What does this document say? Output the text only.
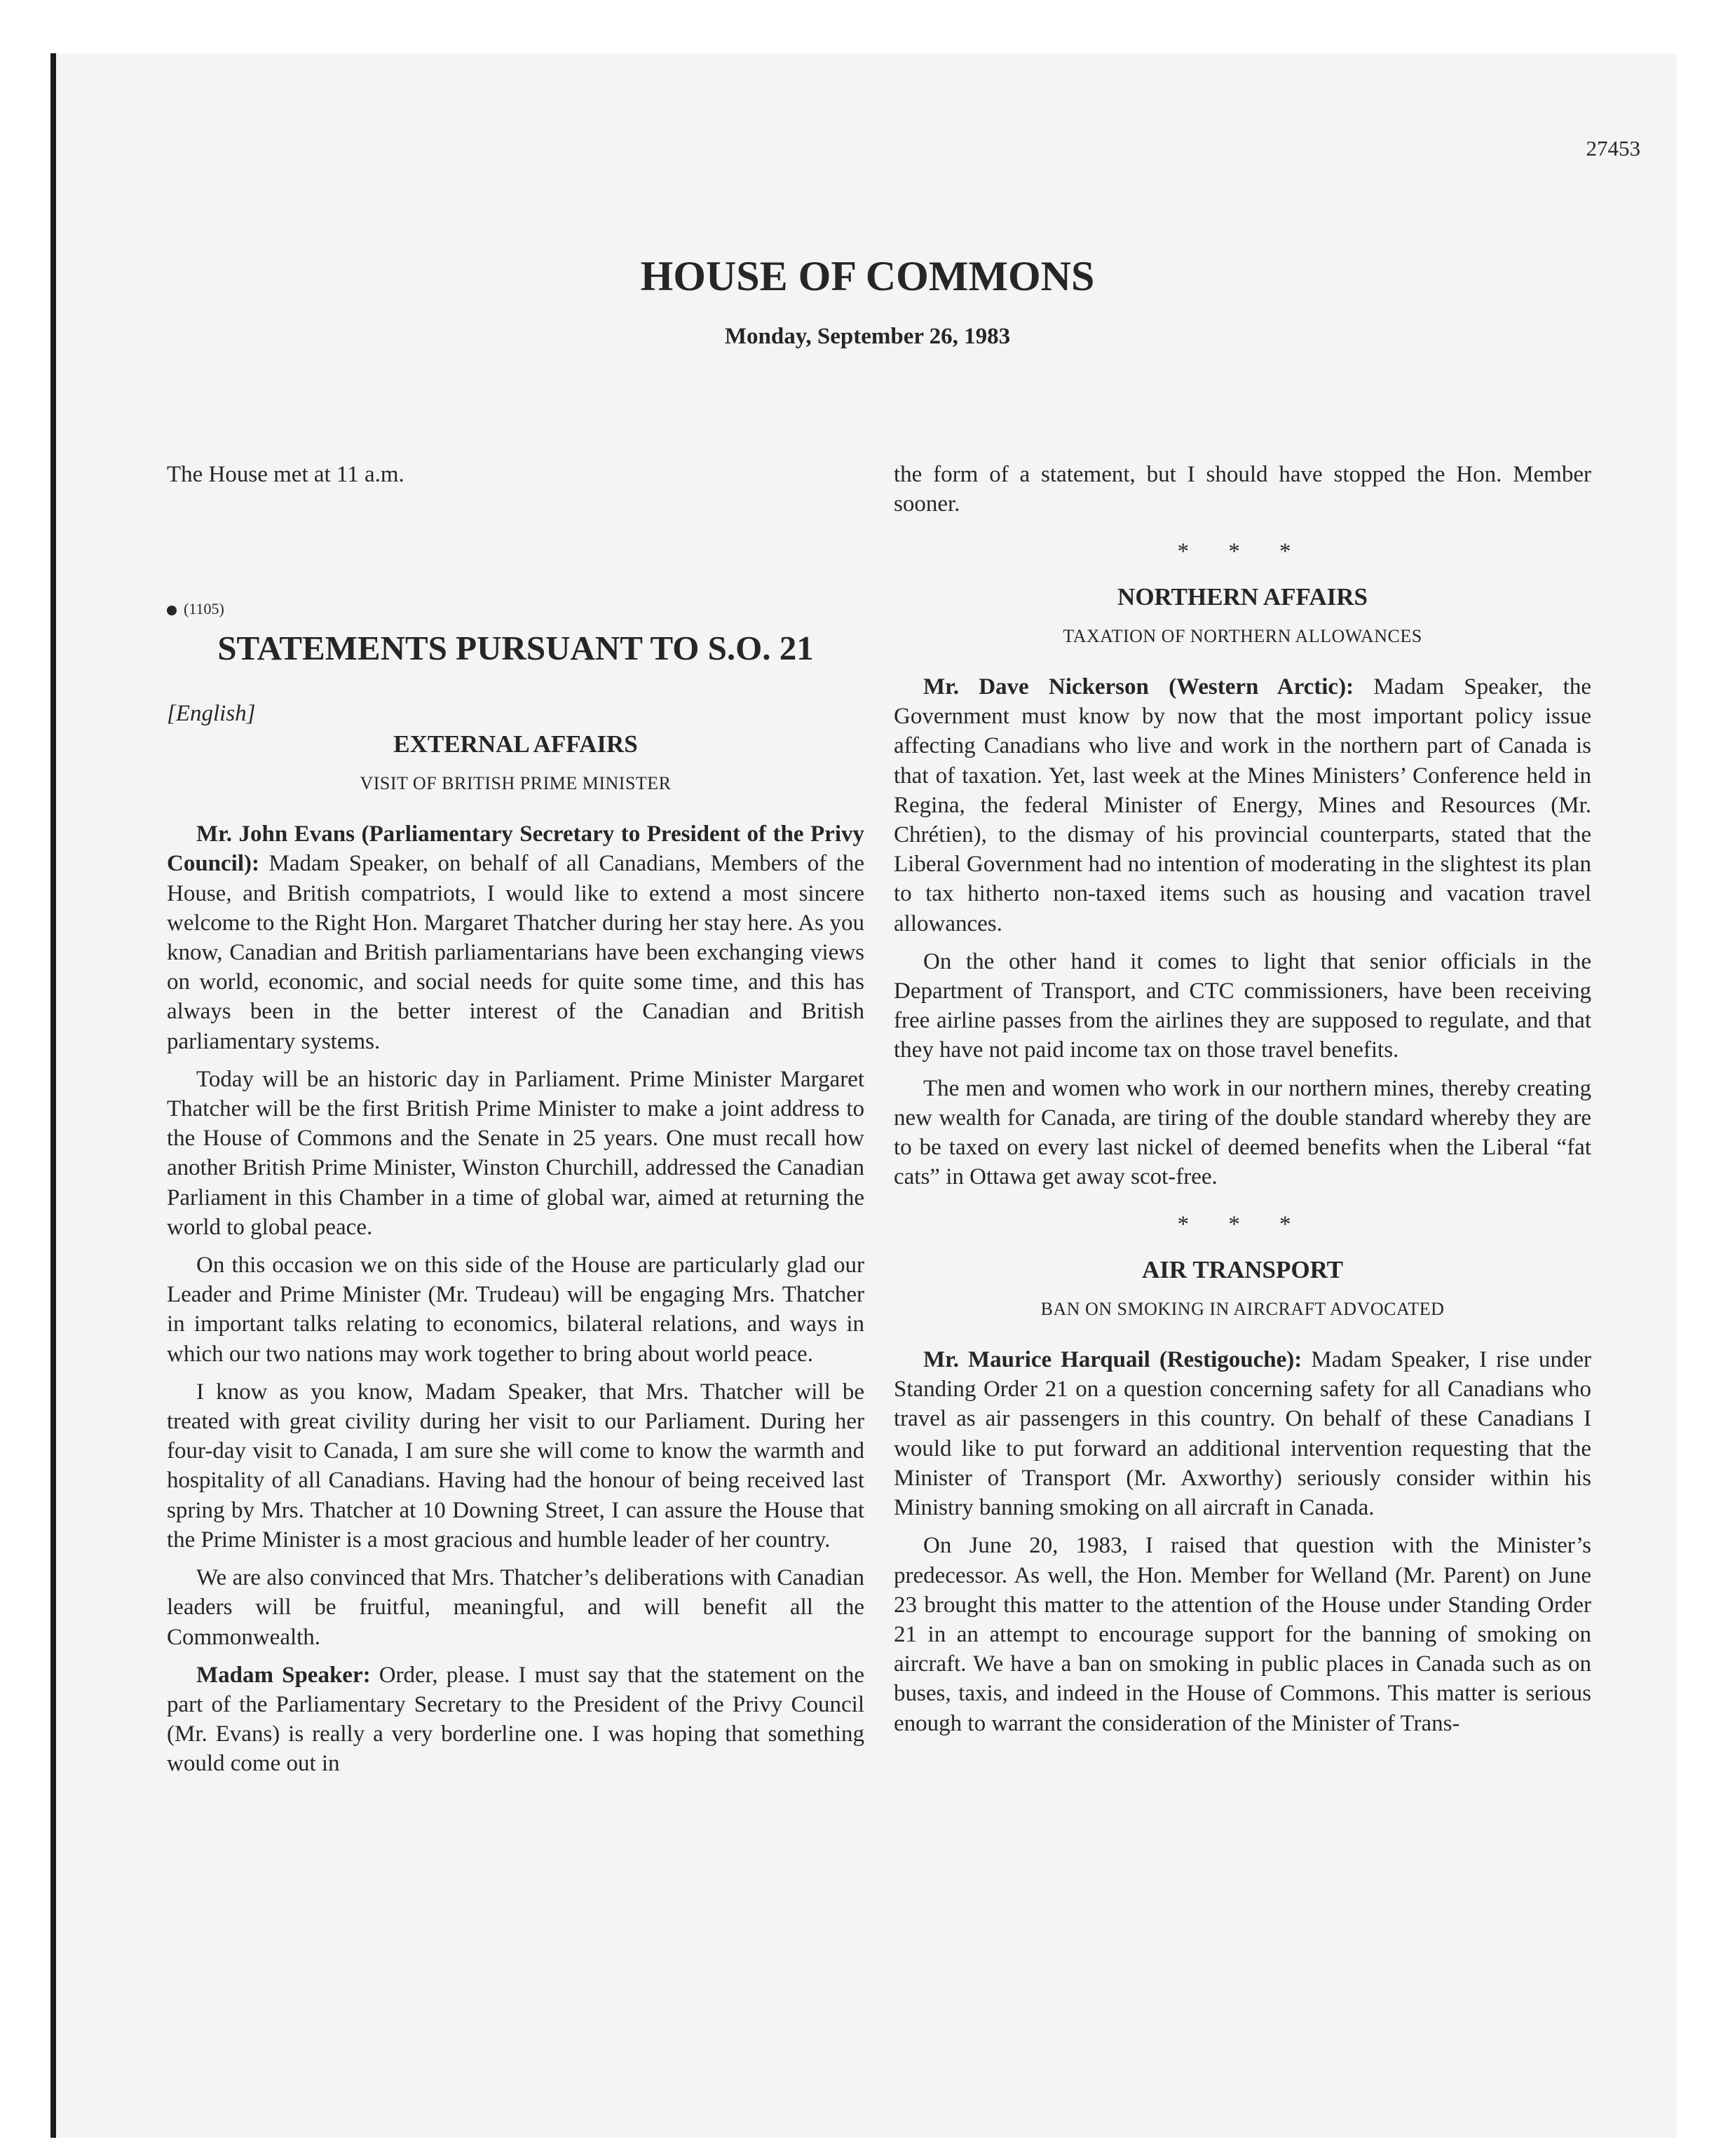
27453
HOUSE OF COMMONS
Monday, September 26, 1983

The House met at 11 a.m.

(1105)
STATEMENTS PURSUANT TO S.O. 21
[English]
EXTERNAL AFFAIRS
VISIT OF BRITISH PRIME MINISTER

Mr. John Evans (Parliamentary Secretary to President of the Privy Council): Madam Speaker, on behalf of all Canadians, Members of the House, and British compatriots, I would like to extend a most sincere welcome to the Right Hon. Margaret Thatcher during her stay here. As you know, Canadian and British parliamentarians have been exchanging views on world, economic, and social needs for quite some time, and this has always been in the better interest of the Canadian and British parliamentary systems.

Today will be an historic day in Parliament. Prime Minister Margaret Thatcher will be the first British Prime Minister to make a joint address to the House of Commons and the Senate in 25 years. One must recall how another British Prime Minister, Winston Churchill, addressed the Canadian Parliament in this Chamber in a time of global war, aimed at returning the world to global peace.

On this occasion we on this side of the House are particularly glad our Leader and Prime Minister (Mr. Trudeau) will be engaging Mrs. Thatcher in important talks relating to economics, bilateral relations, and ways in which our two nations may work together to bring about world peace.

I know as you know, Madam Speaker, that Mrs. Thatcher will be treated with great civility during her visit to our Parliament. During her four-day visit to Canada, I am sure she will come to know the warmth and hospitality of all Canadians. Having had the honour of being received last spring by Mrs. Thatcher at 10 Downing Street, I can assure the House that the Prime Minister is a most gracious and humble leader of her country.

We are also convinced that Mrs. Thatcher’s deliberations with Canadian leaders will be fruitful, meaningful, and will benefit all the Commonwealth.

Madam Speaker: Order, please. I must say that the statement on the part of the Parliamentary Secretary to the President of the Privy Council (Mr. Evans) is really a very borderline one. I was hoping that something would come out in

the form of a statement, but I should have stopped the Hon. Member sooner.

* * *
NORTHERN AFFAIRS
TAXATION OF NORTHERN ALLOWANCES

Mr. Dave Nickerson (Western Arctic): Madam Speaker, the Government must know by now that the most important policy issue affecting Canadians who live and work in the northern part of Canada is that of taxation. Yet, last week at the Mines Ministers’ Conference held in Regina, the federal Minister of Energy, Mines and Resources (Mr. Chrétien), to the dismay of his provincial counterparts, stated that the Liberal Government had no intention of moderating in the slightest its plan to tax hitherto non-taxed items such as housing and vacation travel allowances.

On the other hand it comes to light that senior officials in the Department of Transport, and CTC commissioners, have been receiving free airline passes from the airlines they are supposed to regulate, and that they have not paid income tax on those travel benefits.

The men and women who work in our northern mines, thereby creating new wealth for Canada, are tiring of the double standard whereby they are to be taxed on every last nickel of deemed benefits when the Liberal “fat cats” in Ottawa get away scot-free.

* * *
AIR TRANSPORT
BAN ON SMOKING IN AIRCRAFT ADVOCATED

Mr. Maurice Harquail (Restigouche): Madam Speaker, I rise under Standing Order 21 on a question concerning safety for all Canadians who travel as air passengers in this country. On behalf of these Canadians I would like to put forward an additional intervention requesting that the Minister of Transport (Mr. Axworthy) seriously consider within his Ministry banning smoking on all aircraft in Canada.

On June 20, 1983, I raised that question with the Minister’s predecessor. As well, the Hon. Member for Welland (Mr. Parent) on June 23 brought this matter to the attention of the House under Standing Order 21 in an attempt to encourage support for the banning of smoking on aircraft. We have a ban on smoking in public places in Canada such as on buses, taxis, and indeed in the House of Commons. This matter is serious enough to warrant the consideration of the Minister of Trans-
